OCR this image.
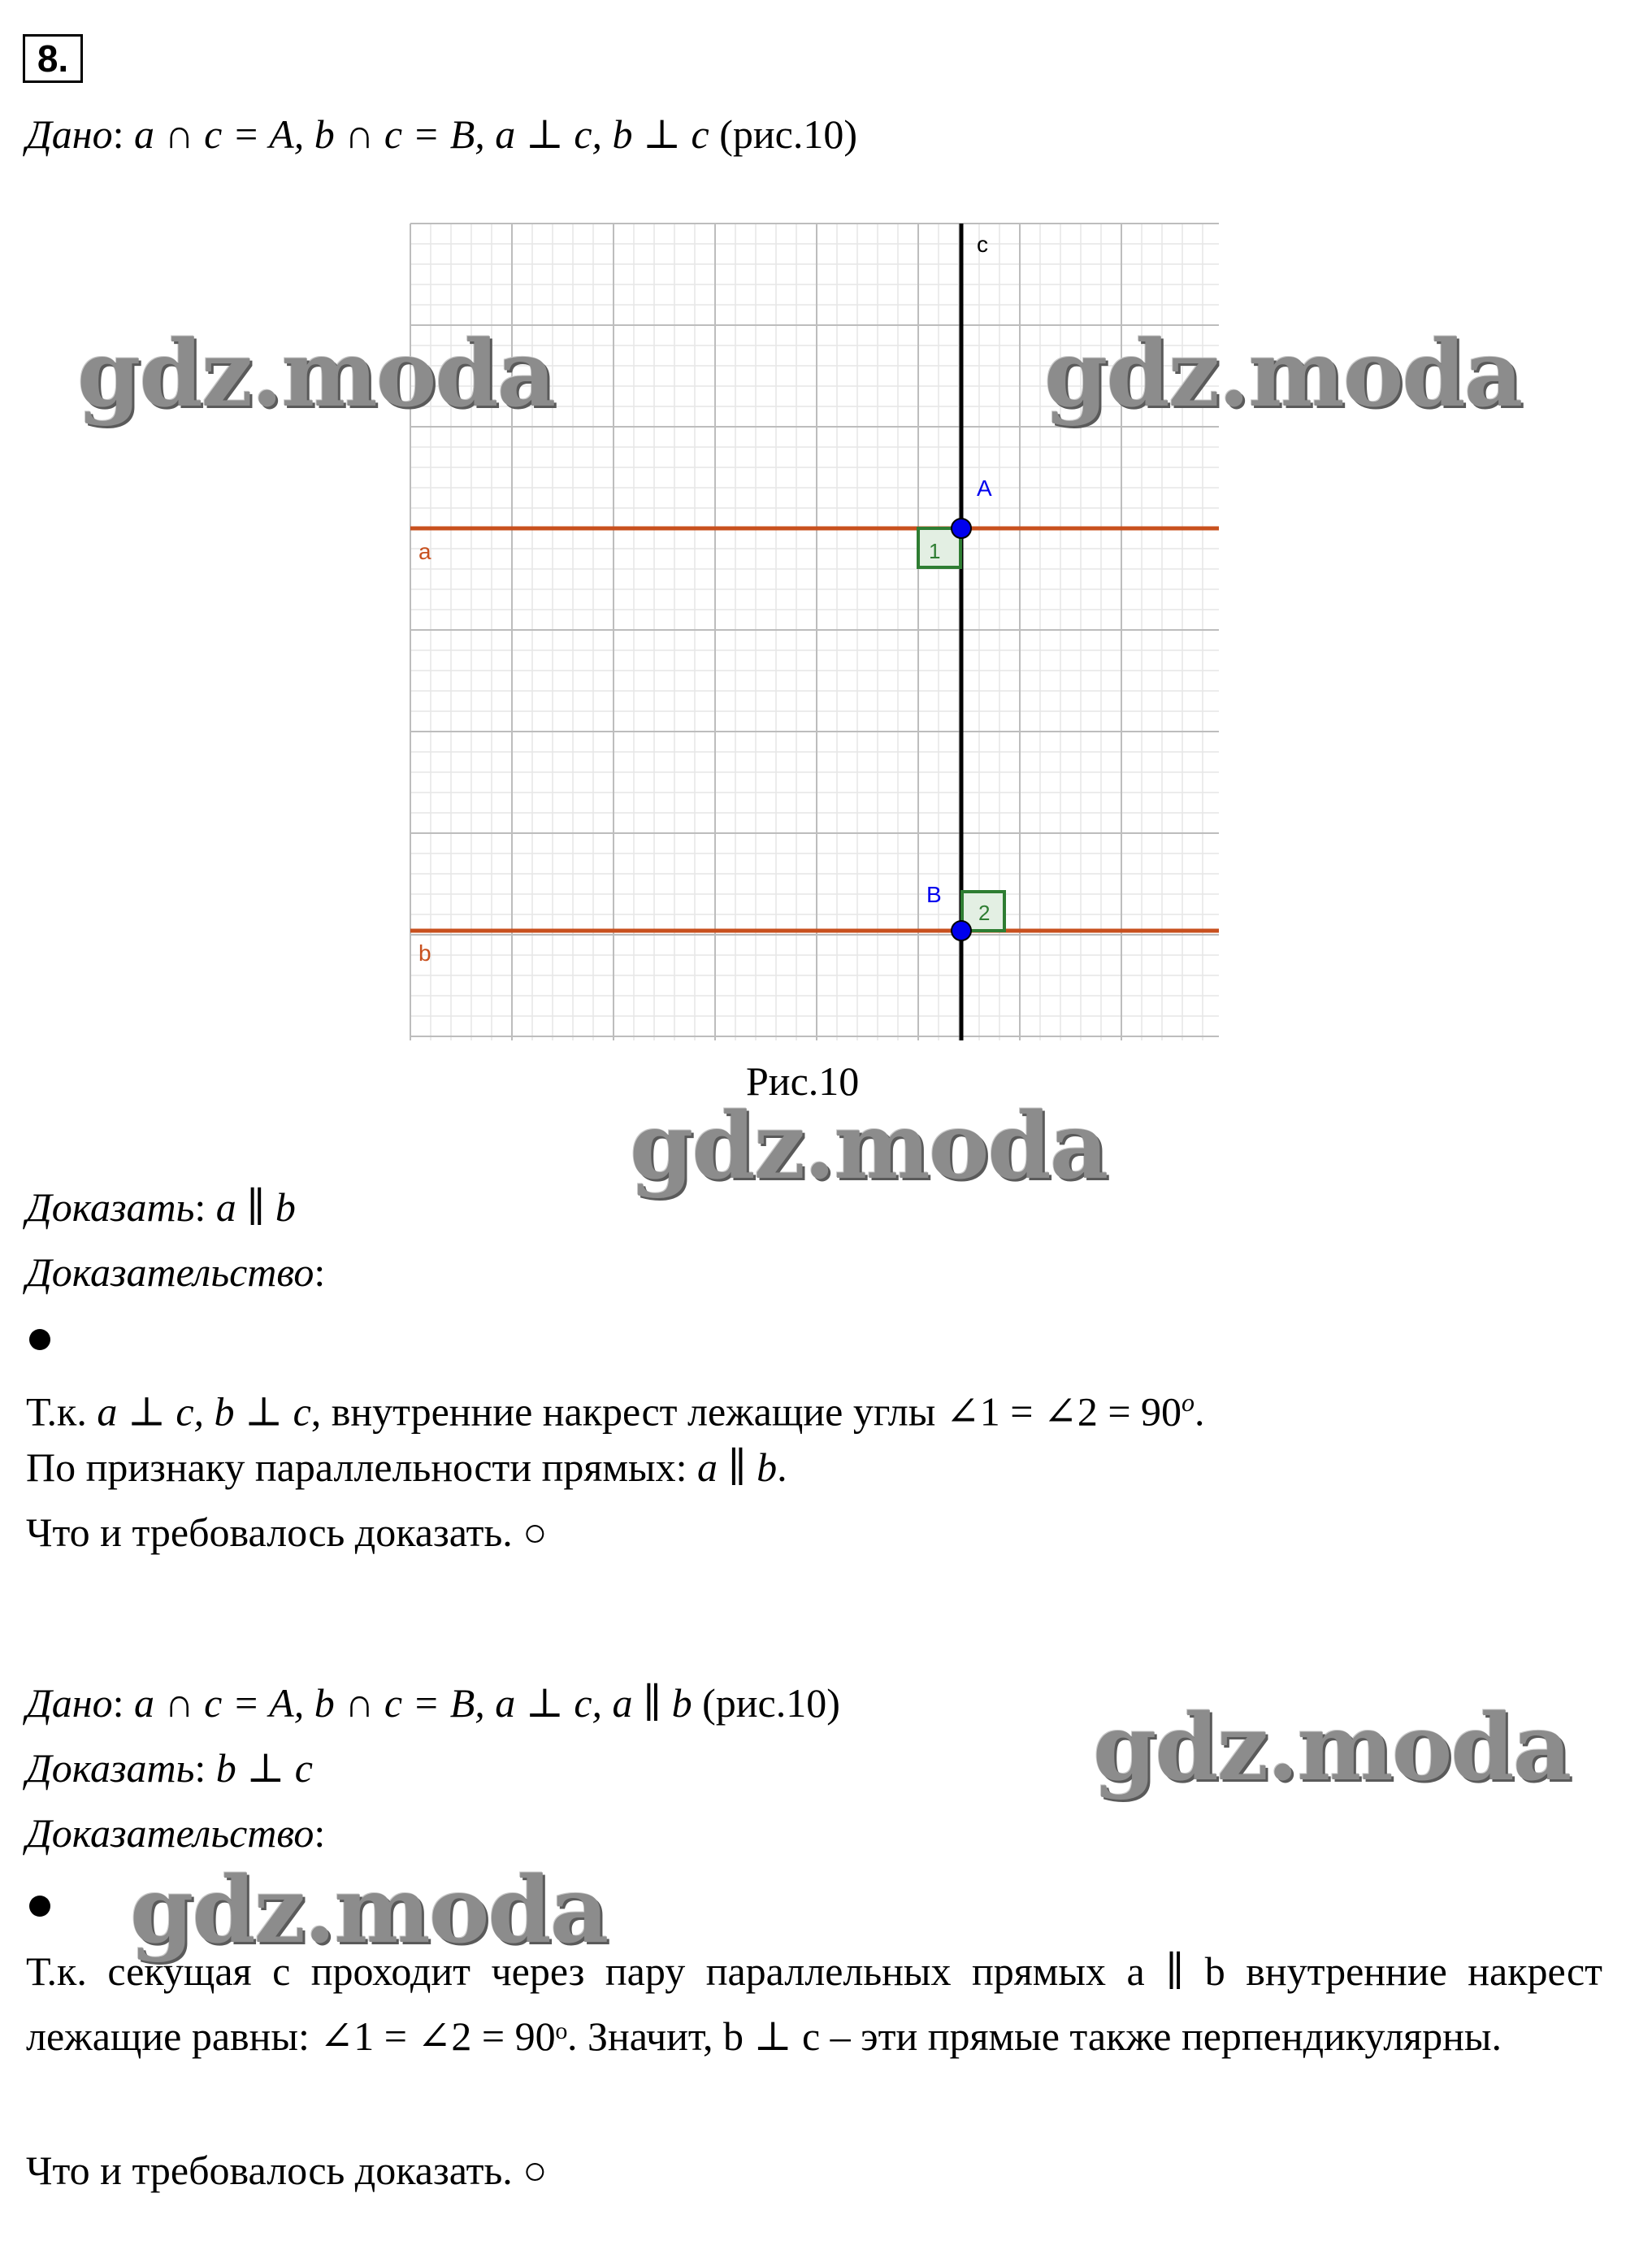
8.
Дано: a ∩ c = A, b ∩ c = B, a ⊥ c, b ⊥ c (рис.10)
1
2
A
B
c
a
b
Рис.10
Доказать: a ∥ b
Доказательство:
Т.к. a ⊥ c, b ⊥ c, внутренние накрест лежащие углы ∠1 = ∠2 = $90^o$.
По признаку параллельности прямых: a ∥ b.
Что и требовалось доказать. ○
Дано: a ∩ c = A, b ∩ c = B, a ⊥ c, a ∥ b (рис.10)
Доказать: b ⊥ c
Доказательство:
Т.к. секущая c проходит через пару параллельных прямых a ∥ b внутренние накрест лежащие равны: ∠1 = ∠2 = 90ᵒ. Значит, b ⊥ c – эти прямые также перпендикулярны.
Что и требовалось доказать. ○
gdz.moda	gdz.moda
gdz.moda
gdz.moda
gdz.moda
